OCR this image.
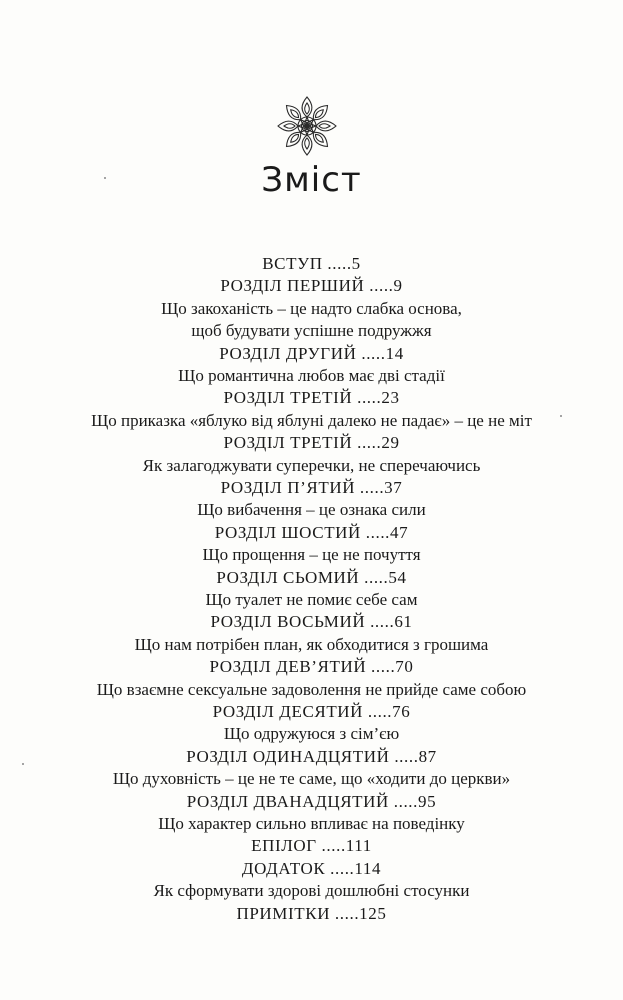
Зміст
ВСТУП .....5
РОЗДІЛ ПЕРШИЙ .....9
Що закоханість – це надто слабка основа,
щоб будувати успішне подружжя
РОЗДІЛ ДРУГИЙ .....14
Що романтична любов має дві стадії
РОЗДІЛ ТРЕТІЙ .....23
Що приказка «яблуко від яблуні далеко не падає» – це не міт
РОЗДІЛ ТРЕТІЙ .....29
Як залагоджувати суперечки, не сперечаючись
РОЗДІЛ П’ЯТИЙ .....37
Що вибачення – це ознака сили
РОЗДІЛ ШОСТИЙ .....47
Що прощення – це не почуття
РОЗДІЛ СЬОМИЙ .....54
Що туалет не помиє себе сам
РОЗДІЛ ВОСЬМИЙ .....61
Що нам потрібен план, як обходитися з грошима
РОЗДІЛ ДЕВ’ЯТИЙ .....70
Що взаємне сексуальне задоволення не прийде саме собою
РОЗДІЛ ДЕСЯТИЙ .....76
Що одружуюся з сім’єю
РОЗДІЛ ОДИНАДЦЯТИЙ .....87
Що духовність – це не те саме, що «ходити до церкви»
РОЗДІЛ ДВАНАДЦЯТИЙ .....95
Що характер сильно впливає на поведінку
ЕПІЛОГ .....111
ДОДАТОК .....114
Як сформувати здорові дошлюбні стосунки
ПРИМІТКИ .....125
